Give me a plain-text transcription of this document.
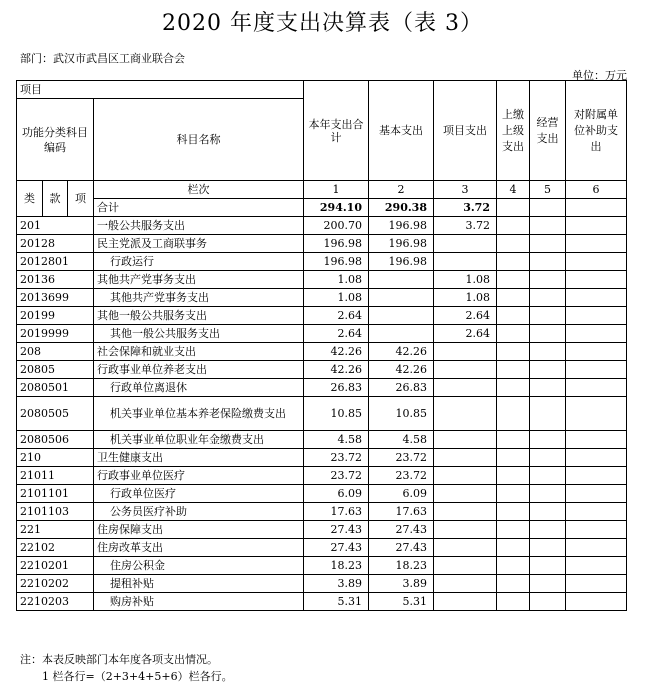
2020 年度支出决算表（表 3）
部门：武汉市武昌区工商业联合会
单位：万元
项目				本年支出合计	基本支出	项目支出	上缴上级支出	经营支出	对附属单位补助支出
功能分类科目编码			科目名称						
类	款	项	栏次	1	2	3	4	5	6
			合计	294.10	290.38	3.72			
201			一般公共服务支出	200.70	196.98	3.72			
20128			民主党派及工商联事务	196.98	196.98				
2012801			行政运行	196.98	196.98				
20136			其他共产党事务支出	1.08		1.08			
2013699			其他共产党事务支出	1.08		1.08			
20199			其他一般公共服务支出	2.64		2.64			
2019999			其他一般公共服务支出	2.64		2.64			
208			社会保障和就业支出	42.26	42.26				
20805			行政事业单位养老支出	42.26	42.26				
2080501			行政单位离退休	26.83	26.83				
2080505			机关事业单位基本养老保险缴费支出	10.85	10.85				
2080506			机关事业单位职业年金缴费支出	4.58	4.58				
210			卫生健康支出	23.72	23.72				
21011			行政事业单位医疗	23.72	23.72				
2101101			行政单位医疗	6.09	6.09				
2101103			公务员医疗补助	17.63	17.63				
221			住房保障支出	27.43	27.43				
22102			住房改革支出	27.43	27.43				
2210201			住房公积金	18.23	18.23				
2210202			提租补贴	3.89	3.89				
2210203			购房补贴	5.31	5.31				
注：本表反映部门本年度各项支出情况。
1 栏各行=（2+3+4+5+6）栏各行。
